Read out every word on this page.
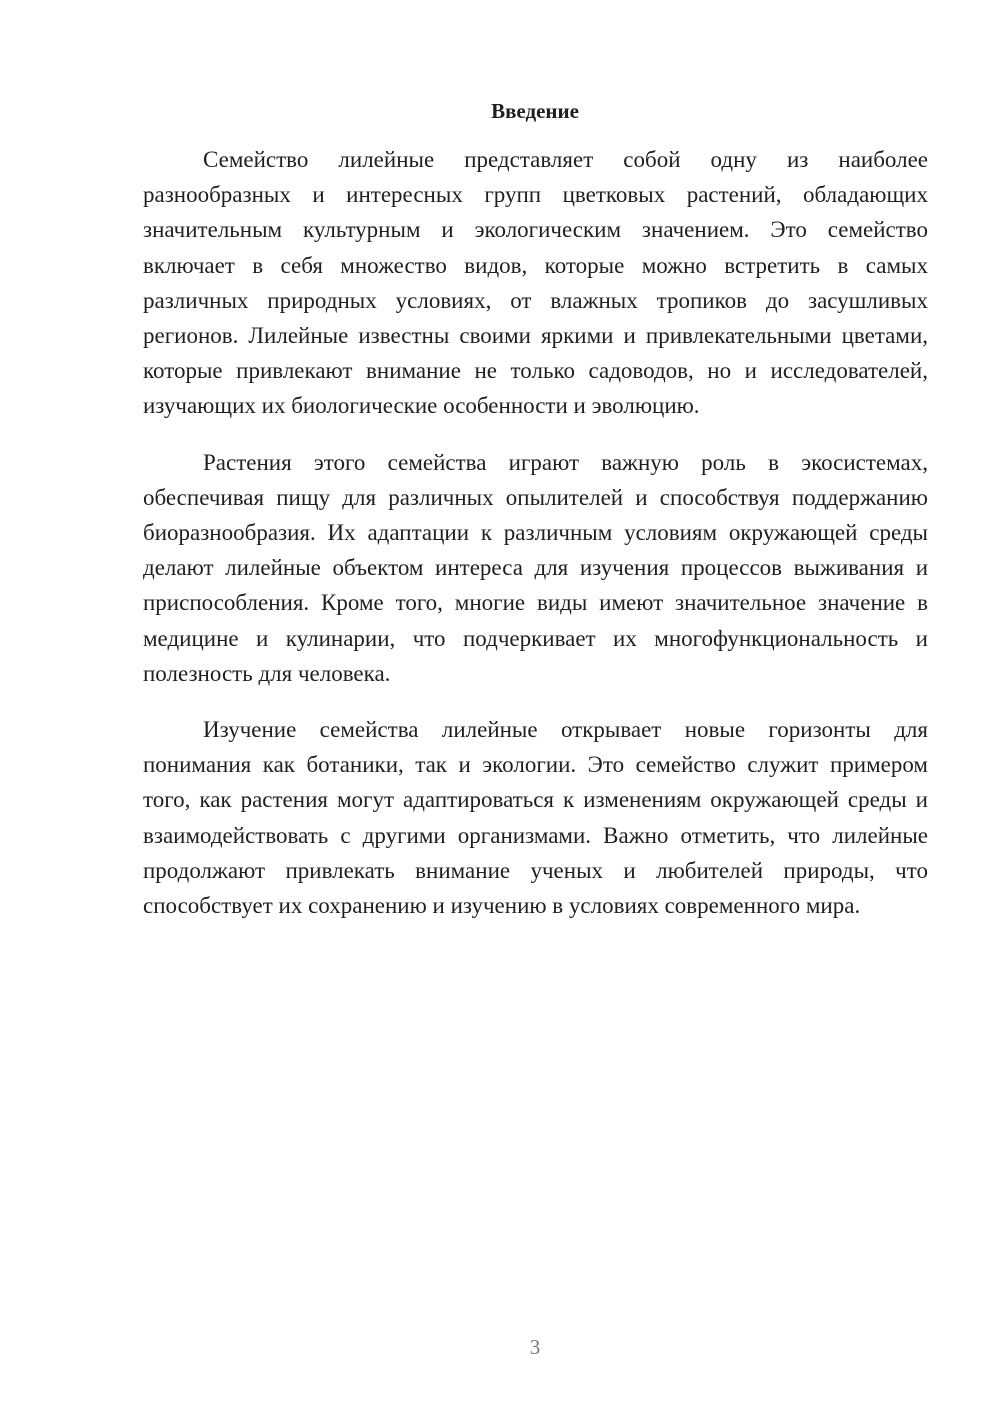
Введение

Семейство лилейные представляет собой одну из наиболее разнообразных и интересных групп цветковых растений, обладающих значительным культурным и экологическим значением. Это семейство включает в себя множество видов, которые можно встретить в самых различных природных условиях, от влажных тропиков до засушливых регионов. Лилейные известны своими яркими и привлекательными цветами, которые привлекают внимание не только садоводов, но и исследователей, изучающих их биологические особенности и эволюцию.

Растения этого семейства играют важную роль в экосистемах, обеспечивая пищу для различных опылителей и способствуя поддержанию биоразнообразия. Их адаптации к различным условиям окружающей среды делают лилейные объектом интереса для изучения процессов выживания и приспособления. Кроме того, многие виды имеют значительное значение в медицине и кулинарии, что подчеркивает их многофункциональность и полезность для человека.

Изучение семейства лилейные открывает новые горизонты для понимания как ботаники, так и экологии. Это семейство служит примером того, как растения могут адаптироваться к изменениям окружающей среды и взаимодействовать с другими организмами. Важно отметить, что лилейные продолжают привлекать внимание ученых и любителей природы, что способствует их сохранению и изучению в условиях современного мира.

3
